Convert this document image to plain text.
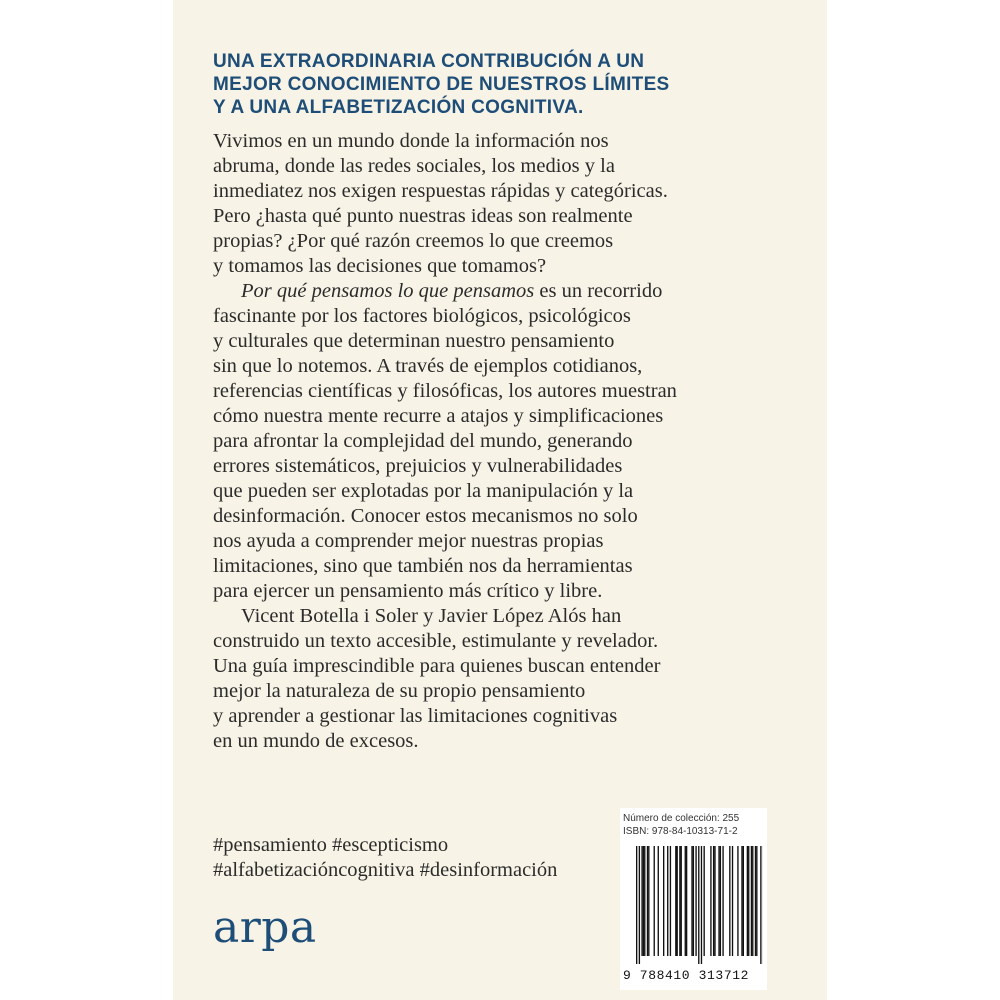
UNA EXTRAORDINARIA CONTRIBUCIÓN A UN
MEJOR CONOCIMIENTO DE NUESTROS LÍMITES
Y A UNA ALFABETIZACIÓN COGNITIVA.
Vivimos en un mundo donde la información nos
abruma, donde las redes sociales, los medios y la
inmediatez nos exigen respuestas rápidas y categóricas.
Pero ¿hasta qué punto nuestras ideas son realmente
propias? ¿Por qué razón creemos lo que creemos
y tomamos las decisiones que tomamos?
Por qué pensamos lo que pensamos es un recorrido
fascinante por los factores biológicos, psicológicos
y culturales que determinan nuestro pensamiento
sin que lo notemos. A través de ejemplos cotidianos,
referencias científicas y filosóficas, los autores muestran
cómo nuestra mente recurre a atajos y simplificaciones
para afrontar la complejidad del mundo, generando
errores sistemáticos, prejuicios y vulnerabilidades
que pueden ser explotadas por la manipulación y la
desinformación. Conocer estos mecanismos no solo
nos ayuda a comprender mejor nuestras propias
limitaciones, sino que también nos da herramientas
para ejercer un pensamiento más crítico y libre.
Vicent Botella i Soler y Javier López Alós han
construido un texto accesible, estimulante y revelador.
Una guía imprescindible para quienes buscan entender
mejor la naturaleza de su propio pensamiento
y aprender a gestionar las limitaciones cognitivas
en un mundo de excesos.
#pensamiento #escepticismo
#alfabetizacióncognitiva #desinformación
arpa
Número de colección: 255
ISBN: 978-84-10313-71-2
9 788410 313712
